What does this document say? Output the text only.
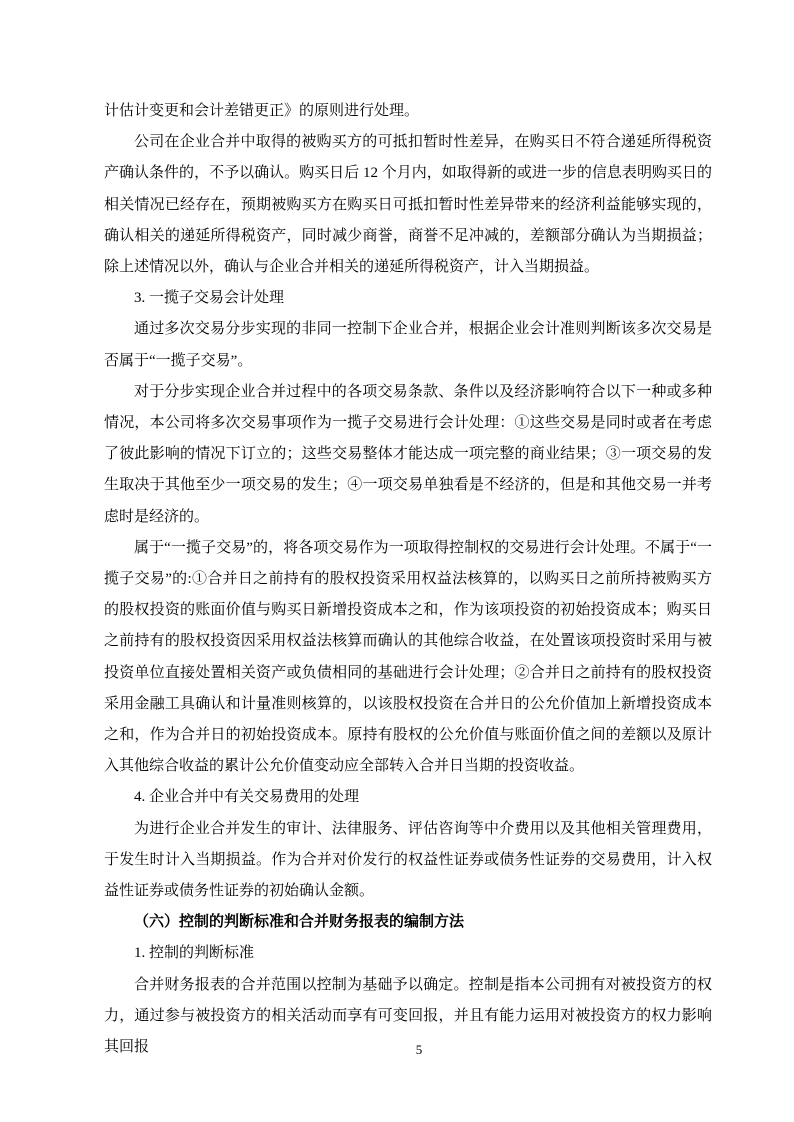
计估计变更和会计差错更正》的原则进行处理。

公司在企业合并中取得的被购买方的可抵扣暂时性差异，在购买日不符合递延所得税资产确认条件的，不予以确认。购买日后 12 个月内，如取得新的或进一步的信息表明购买日的相关情况已经存在，预期被购买方在购买日可抵扣暂时性差异带来的经济利益能够实现的，确认相关的递延所得税资产，同时减少商誉，商誉不足冲减的，差额部分确认为当期损益；除上述情况以外，确认与企业合并相关的递延所得税资产，计入当期损益。

3. 一揽子交易会计处理

通过多次交易分步实现的非同一控制下企业合并，根据企业会计准则判断该多次交易是否属于“一揽子交易”。

对于分步实现企业合并过程中的各项交易条款、条件以及经济影响符合以下一种或多种情况，本公司将多次交易事项作为一揽子交易进行会计处理：①这些交易是同时或者在考虑了彼此影响的情况下订立的；这些交易整体才能达成一项完整的商业结果；③一项交易的发生取决于其他至少一项交易的发生；④一项交易单独看是不经济的，但是和其他交易一并考虑时是经济的。

属于“一揽子交易”的，将各项交易作为一项取得控制权的交易进行会计处理。不属于“一揽子交易”的:①合并日之前持有的股权投资采用权益法核算的，以购买日之前所持被购买方的股权投资的账面价值与购买日新增投资成本之和，作为该项投资的初始投资成本；购买日之前持有的股权投资因采用权益法核算而确认的其他综合收益，在处置该项投资时采用与被投资单位直接处置相关资产或负债相同的基础进行会计处理；②合并日之前持有的股权投资采用金融工具确认和计量准则核算的，以该股权投资在合并日的公允价值加上新增投资成本之和，作为合并日的初始投资成本。原持有股权的公允价值与账面价值之间的差额以及原计入其他综合收益的累计公允价值变动应全部转入合并日当期的投资收益。

4. 企业合并中有关交易费用的处理

为进行企业合并发生的审计、法律服务、评估咨询等中介费用以及其他相关管理费用，于发生时计入当期损益。作为合并对价发行的权益性证券或债务性证券的交易费用，计入权益性证券或债务性证券的初始确认金额。

（六）控制的判断标准和合并财务报表的编制方法

1. 控制的判断标准

合并财务报表的合并范围以控制为基础予以确定。控制是指本公司拥有对被投资方的权力，通过参与被投资方的相关活动而享有可变回报，并且有能力运用对被投资方的权力影响其回报	5
